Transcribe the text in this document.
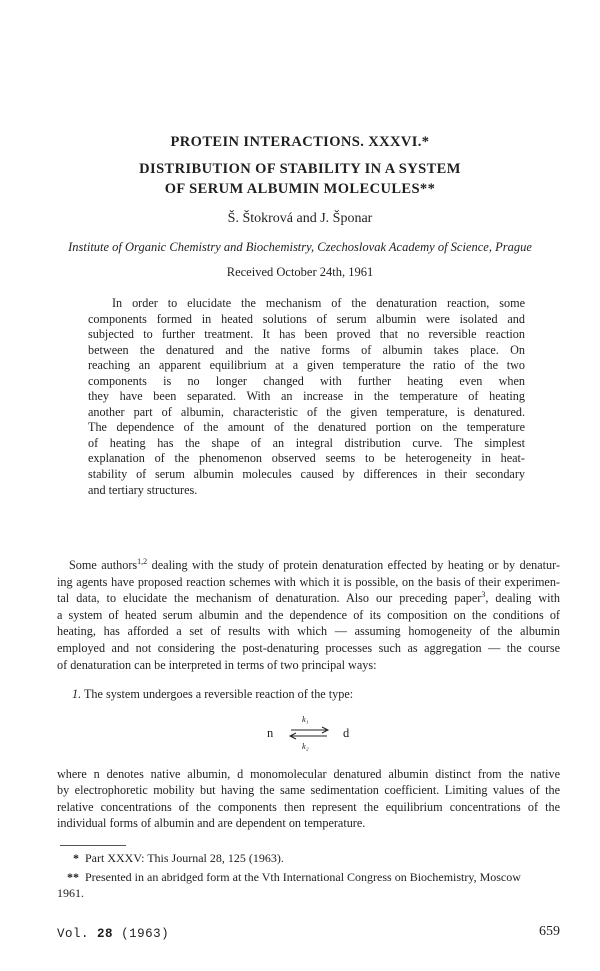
PROTEIN INTERACTIONS. XXXVI.*
DISTRIBUTION OF STABILITY IN A SYSTEM
OF SERUM ALBUMIN MOLECULES**
Š. Štokrová and J. Šponar
Institute of Organic Chemistry and Biochemistry, Czechoslovak Academy of Science, Prague
Received October 24th, 1961
In order to elucidate the mechanism of the denaturation reaction, some
components formed in heated solutions of serum albumin were isolated and
subjected to further treatment. It has been proved that no reversible reaction
between the denatured and the native forms of albumin takes place. On
reaching an apparent equilibrium at a given temperature the ratio of the two
components is no longer changed with further heating even when
they have been separated. With an increase in the temperature of heating
another part of albumin, characteristic of the given temperature, is denatured.
The dependence of the amount of the denatured portion on the temperature
of heating has the shape of an integral distribution curve. The simplest
explanation of the phenomenon observed seems to be heterogeneity in heat-
stability of serum albumin molecules caused by differences in their secondary
and tertiary structures.
Some authors$^{1,2}$ dealing with the study of protein denaturation effected by heating or by denatur-
ing agents have proposed reaction schemes with which it is possible, on the basis of their experimen-
tal data, to elucidate the mechanism of denaturation. Also our preceding paper$^3$, dealing with
a system of heated serum albumin and the dependence of its composition on the conditions of
heating, has afforded a set of results with which — assuming homogeneity of the albumin
employed and not considering the post-denaturing processes such as aggregation — the course
of denaturation can be interpreted in terms of two principal ways:
1. The system undergoes a reversible reaction of the type:
n
k₁
k₂
d
where n denotes native albumin, d monomolecular denatured albumin distinct from the native
by electrophoretic mobility but having the same sedimentation coefficient. Limiting values of the
relative concentrations of the components then represent the equilibrium concentrations of the
individual forms of albumin and are dependent on temperature.
* Part XXXV: This Journal 28, 125 (1963).
** Presented in an abridged form at the Vth International Congress on Biochemistry, Moscow
1961.
Vol. 28 (1963)	659
